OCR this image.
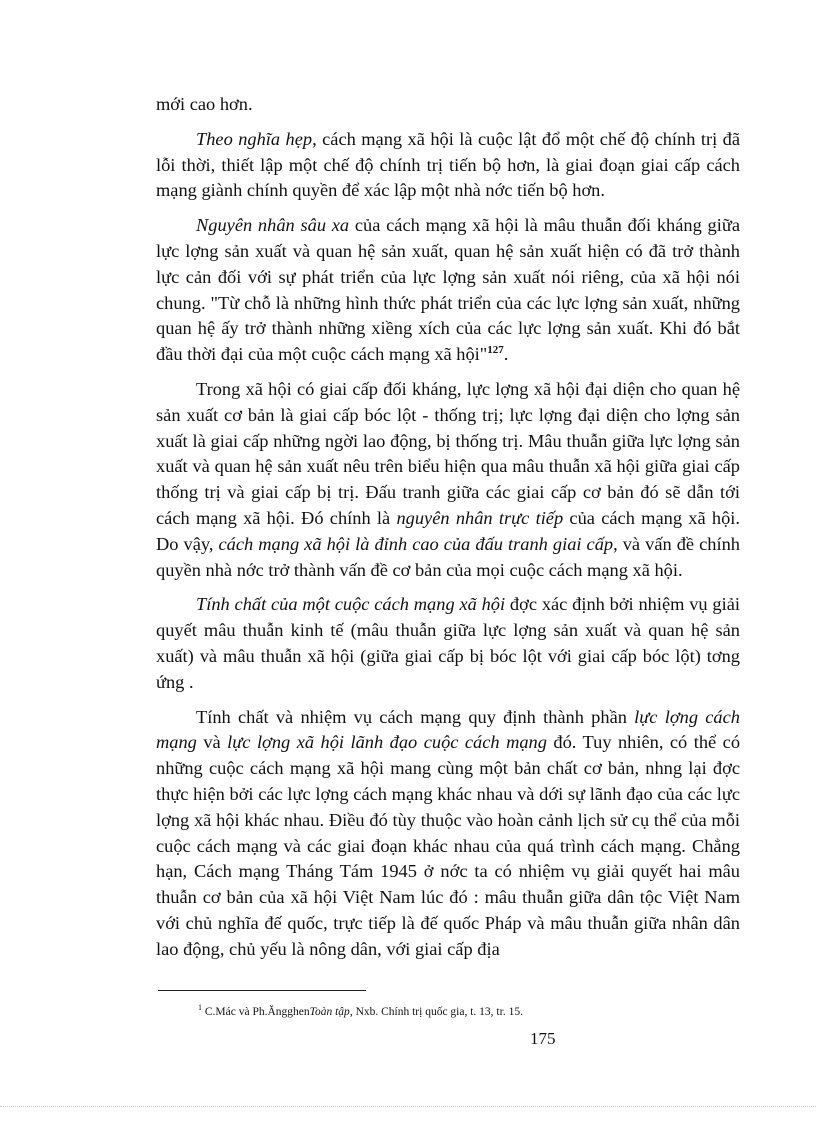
mới cao hơn.

Theo nghĩa hẹp, cách mạng xã hội là cuộc lật đổ một chế độ chính trị đã lỗi thời, thiết lập một chế độ chính trị tiến bộ hơn, là giai đoạn giai cấp cách mạng giành chính quyền để xác lập một nhà nớc tiến bộ hơn.

Nguyên nhân sâu xa của cách mạng xã hội là mâu thuẫn đối kháng giữa lực lợng sản xuất và quan hệ sản xuất, quan hệ sản xuất hiện có đã trở thành lực cản đối với sự phát triển của lực lợng sản xuất nói riêng, của xã hội nói chung. "Từ chỗ là những hình thức phát triển của các lực lợng sản xuất, những quan hệ ấy trở thành những xiềng xích của các lực lợng sản xuất. Khi đó bắt đầu thời đại của một cuộc cách mạng xã hội"$^{127}$.

Trong xã hội có giai cấp đối kháng, lực lợng xã hội đại diện cho quan hệ sản xuất cơ bản là giai cấp bóc lột - thống trị; lực lợng đại diện cho lợng sản xuất là giai cấp những ngời lao động, bị thống trị. Mâu thuẫn giữa lực lợng sản xuất và quan hệ sản xuất nêu trên biểu hiện qua mâu thuẫn xã hội giữa giai cấp thống trị và giai cấp bị trị. Đấu tranh giữa các giai cấp cơ bản đó sẽ dẫn tới cách mạng xã hội. Đó chính là nguyên nhân trực tiếp của cách mạng xã hội. Do vậy, cách mạng xã hội là đỉnh cao của đấu tranh giai cấp, và vấn đề chính quyền nhà nớc trở thành vấn đề cơ bản của mọi cuộc cách mạng xã hội.

Tính chất của một cuộc cách mạng xã hội đợc xác định bởi nhiệm vụ giải quyết mâu thuẫn kinh tế (mâu thuẫn giữa lực lợng sản xuất và quan hệ sản xuất) và mâu thuẫn xã hội (giữa giai cấp bị bóc lột với giai cấp bóc lột) tơng ứng .

Tính chất và nhiệm vụ cách mạng quy định thành phần lực lợng cách mạng và lực lợng xã hội lãnh đạo cuộc cách mạng đó. Tuy nhiên, có thể có những cuộc cách mạng xã hội mang cùng một bản chất cơ bản, nhng lại đợc thực hiện bởi các lực lợng cách mạng khác nhau và dới sự lãnh đạo của các lực lợng xã hội khác nhau. Điều đó tùy thuộc vào hoàn cảnh lịch sử cụ thể của mỗi cuộc cách mạng và các giai đoạn khác nhau của quá trình cách mạng. Chẳng hạn, Cách mạng Tháng Tám 1945 ở nớc ta có nhiệm vụ giải quyết hai mâu thuẫn cơ bản của xã hội Việt Nam lúc đó : mâu thuẫn giữa dân tộc Việt Nam với chủ nghĩa đế quốc, trực tiếp là đế quốc Pháp và mâu thuẫn giữa nhân dân lao động, chủ yếu là nông dân, với giai cấp địa

$^1$ C.Mác và Ph.ĂngghenToàn tập, Nxb. Chính trị quốc gia, t. 13, tr. 15.
175
